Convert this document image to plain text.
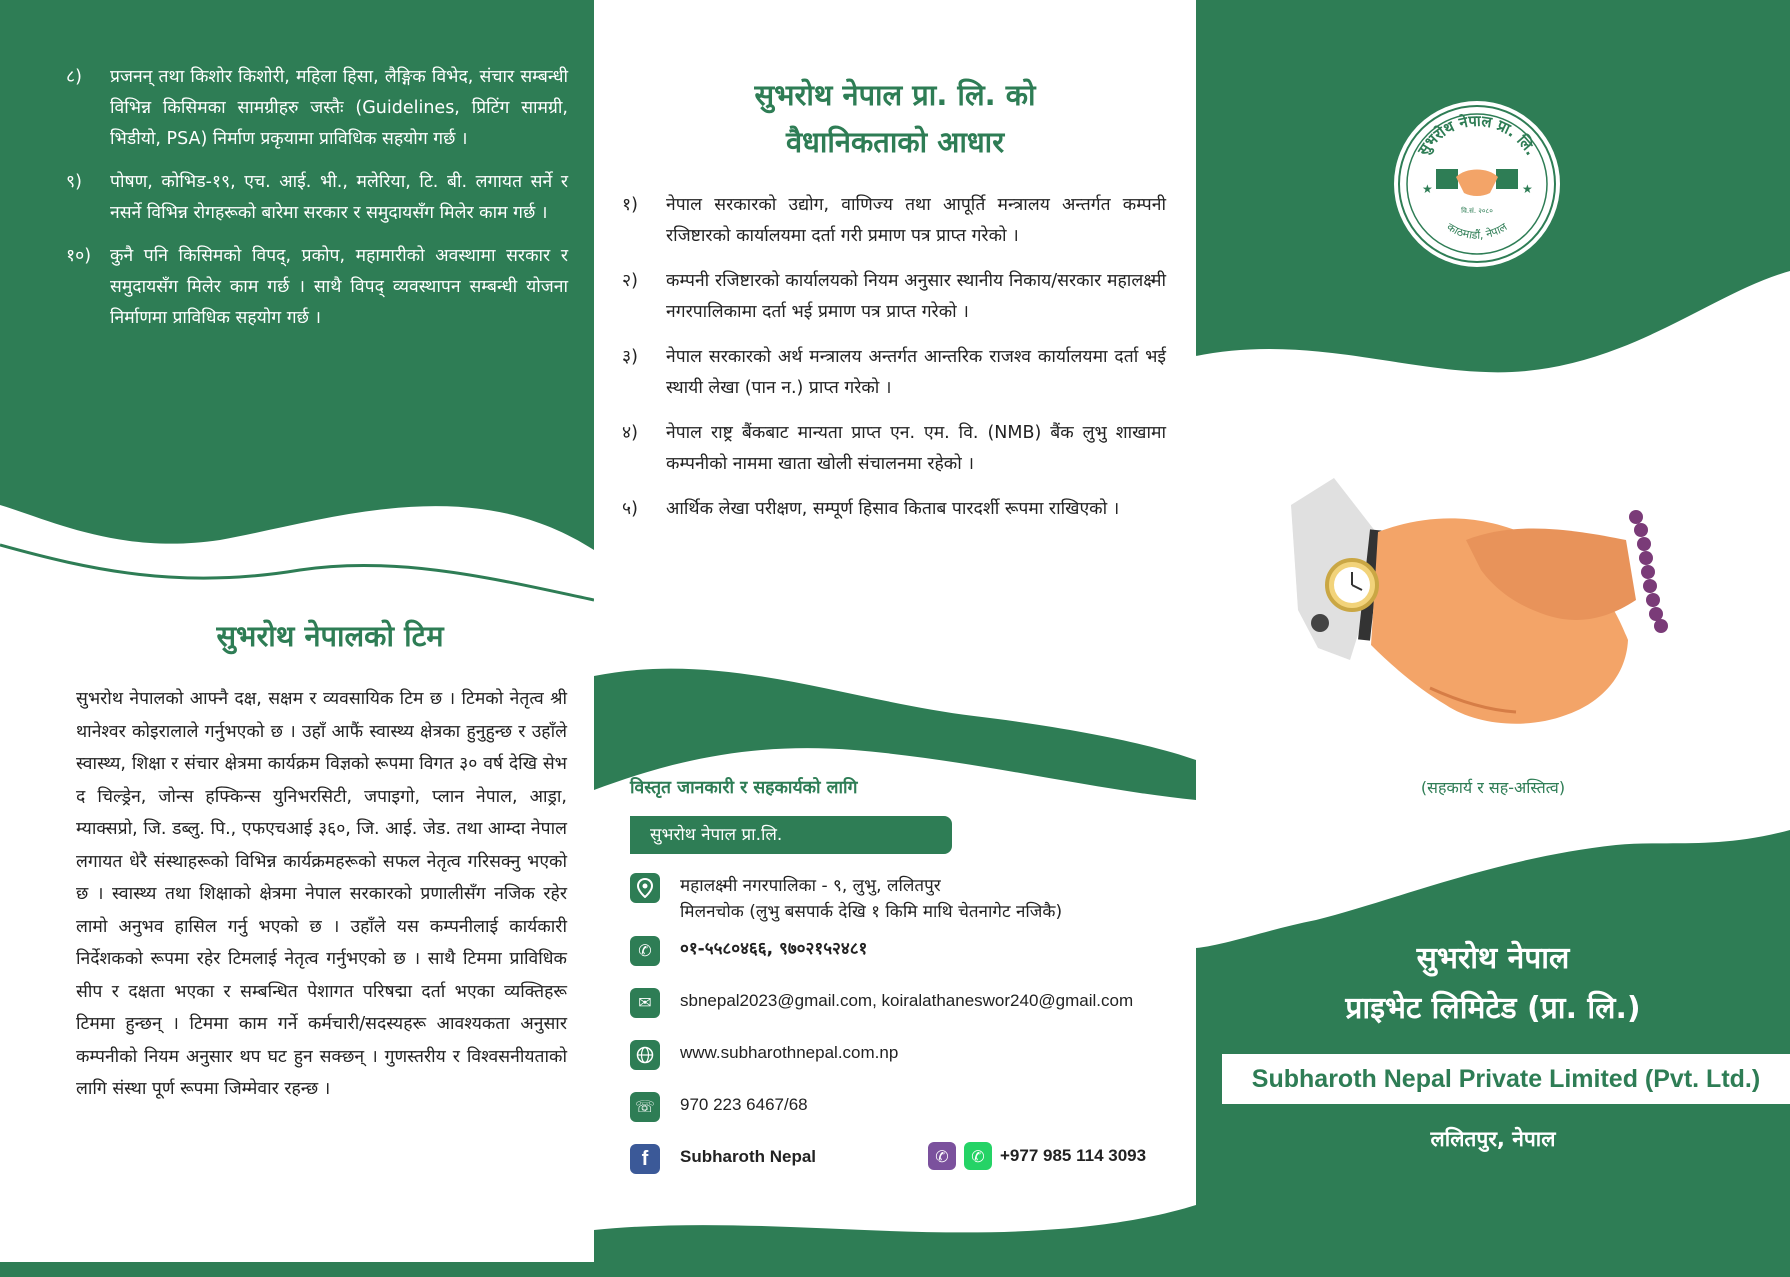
८)	प्रजनन् तथा किशोर किशोरी, महिला हिसा, लैङ्गिक विभेद, संचार सम्बन्धी विभिन्न किसिमका सामग्रीहरु जस्तैः (Guidelines, प्रिटिंग सामग्री, भिडीयो, PSA) निर्माण प्रकृयामा प्राविधिक सहयोग गर्छ ।
९)	पोषण, कोभिड-१९, एच. आई. भी., मलेरिया, टि. बी. लगायत सर्ने र नसर्ने विभिन्न रोगहरूको बारेमा सरकार र समुदायसँग मिलेर काम गर्छ ।
१०)	कुनै पनि किसिमको विपद्, प्रकोप, महामारीको अवस्थामा सरकार र समुदायसँग मिलेर काम गर्छ । साथै विपद् व्यवस्थापन सम्बन्धी योजना निर्माणमा प्राविधिक सहयोग गर्छ ।
सुभरोथ नेपालको टिम
सुभरोथ नेपालको आफ्नै दक्ष, सक्षम र व्यवसायिक टिम छ । टिमको नेतृत्व श्री थानेश्वर कोइरालाले गर्नुभएको छ । उहाँ आफैं स्वास्थ्य क्षेत्रका हुनुहुन्छ र उहाँले स्वास्थ्य, शिक्षा र संचार क्षेत्रमा कार्यक्रम विज्ञको रूपमा विगत ३० वर्ष देखि सेभ द चिल्ड्रेन, जोन्स हफ्किन्स युनिभरसिटी, जपाइगो, प्लान नेपाल, आड्रा, म्याक्सप्रो, जि. डब्लु. पि., एफएचआई ३६०, जि. आई. जेड. तथा आम्दा नेपाल लगायत धेरै संस्थाहरूको विभिन्न कार्यक्रमहरूको सफल नेतृत्व गरिसक्नु भएको छ । स्वास्थ्य तथा शिक्षाको क्षेत्रमा नेपाल सरकारको प्रणालीसँग नजिक रहेर लामो अनुभव हासिल गर्नु भएको छ । उहाँले यस कम्पनीलाई कार्यकारी निर्देशकको रूपमा रहेर टिमलाई नेतृत्व गर्नुभएको छ । साथै टिममा प्राविधिक सीप र दक्षता भएका र सम्बन्धित पेशागत परिषद्मा दर्ता भएका व्यक्तिहरू टिममा हुन्छन् । टिममा काम गर्ने कर्मचारी/सदस्यहरू आवश्यकता अनुसार कम्पनीको नियम अनुसार थप घट हुन सक्छन् । गुणस्तरीय र विश्वसनीयताको लागि संस्था पूर्ण रूपमा जिम्मेवार रहन्छ ।
सुभरोथ नेपाल प्रा. लि. को
वैधानिकताको आधार
१)	नेपाल सरकारको उद्योग, वाणिज्य तथा आपूर्ति मन्त्रालय अन्तर्गत कम्पनी रजिष्टारको कार्यालयमा दर्ता गरी प्रमाण पत्र प्राप्त गरेको ।
२)	कम्पनी रजिष्टारको कार्यालयको नियम अनुसार स्थानीय निकाय/सरकार महालक्ष्मी नगरपालिकामा दर्ता भई प्रमाण पत्र प्राप्त गरेको ।
३)	नेपाल सरकारको अर्थ मन्त्रालय अन्तर्गत आन्तरिक राजश्व कार्यालयमा दर्ता भई स्थायी लेखा (पान न.) प्राप्त गरेको ।
४)	नेपाल राष्ट्र बैंकबाट मान्यता प्राप्त एन. एम. वि. (NMB) बैंक लुभु शाखामा कम्पनीको नाममा खाता खोली संचालनमा रहेको ।
५)	आर्थिक लेखा परीक्षण, सम्पूर्ण हिसाव किताब पारदर्शी रूपमा राखिएको ।
विस्तृत जानकारी र सहकार्यको लागि
सुभरोथ नेपाल प्रा.लि.
महालक्ष्मी नगरपालिका - ९, लुभु, ललितपुर
मिलनचोक (लुभु बसपार्क देखि १ किमि माथि चेतनागेट नजिकै)
✆	०१-५५८०४६६, ९७०२१५२४८१
✉	sbnepal2023@gmail.com, koiralathaneswor240@gmail.com
www.subharothnepal.com.np
☏ 970 223 6467/68
f	Subharoth Nepal	✆	✆ +977 985 114 3093
सुभरोथ नेपाल प्रा. लि.
काठमाडौं, नेपाल
★	★
वि.सं. २०८०
(सहकार्य र सह-अस्तित्व)
सुभरोथ नेपाल
प्राइभेट लिमिटेड (प्रा. लि.)
Subharoth Nepal Private Limited (Pvt. Ltd.)
ललितपुर, नेपाल
